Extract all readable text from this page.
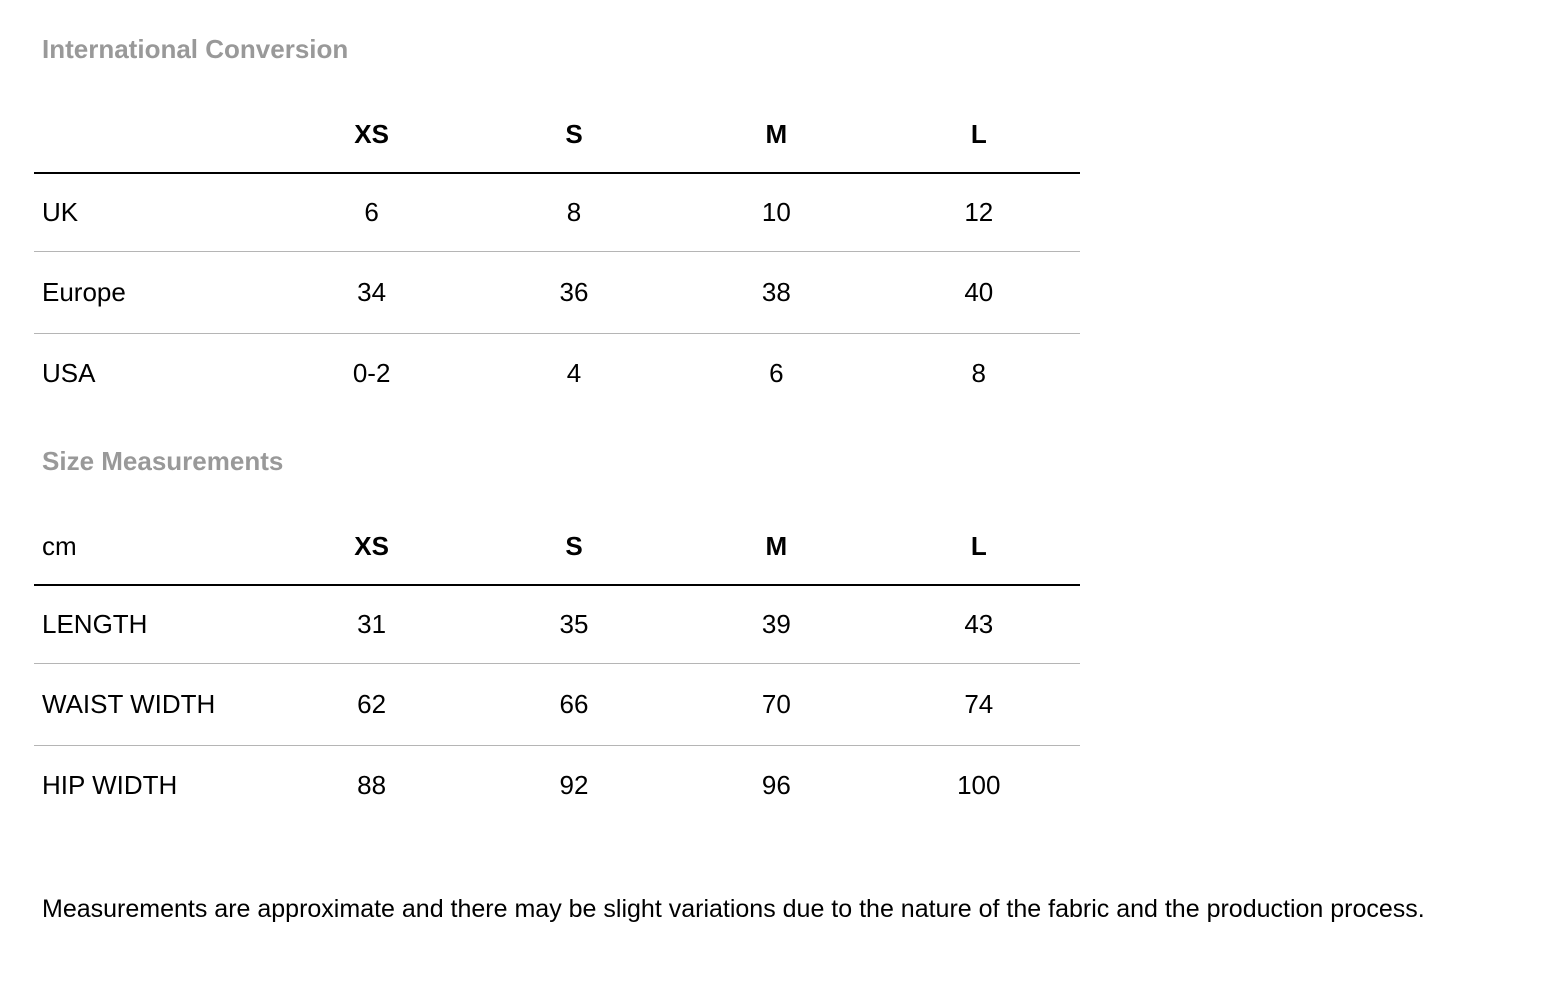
International Conversion
	XS	S	M	L
UK	6	8	10	12
Europe	34	36	38	40
USA	0-2	4	6	8
Size Measurements
cm	XS	S	M	L
LENGTH	31	35	39	43
WAIST WIDTH	62	66	70	74
HIP WIDTH	88	92	96	100

Measurements are approximate and there may be slight variations due to the nature of the fabric and the production process.
